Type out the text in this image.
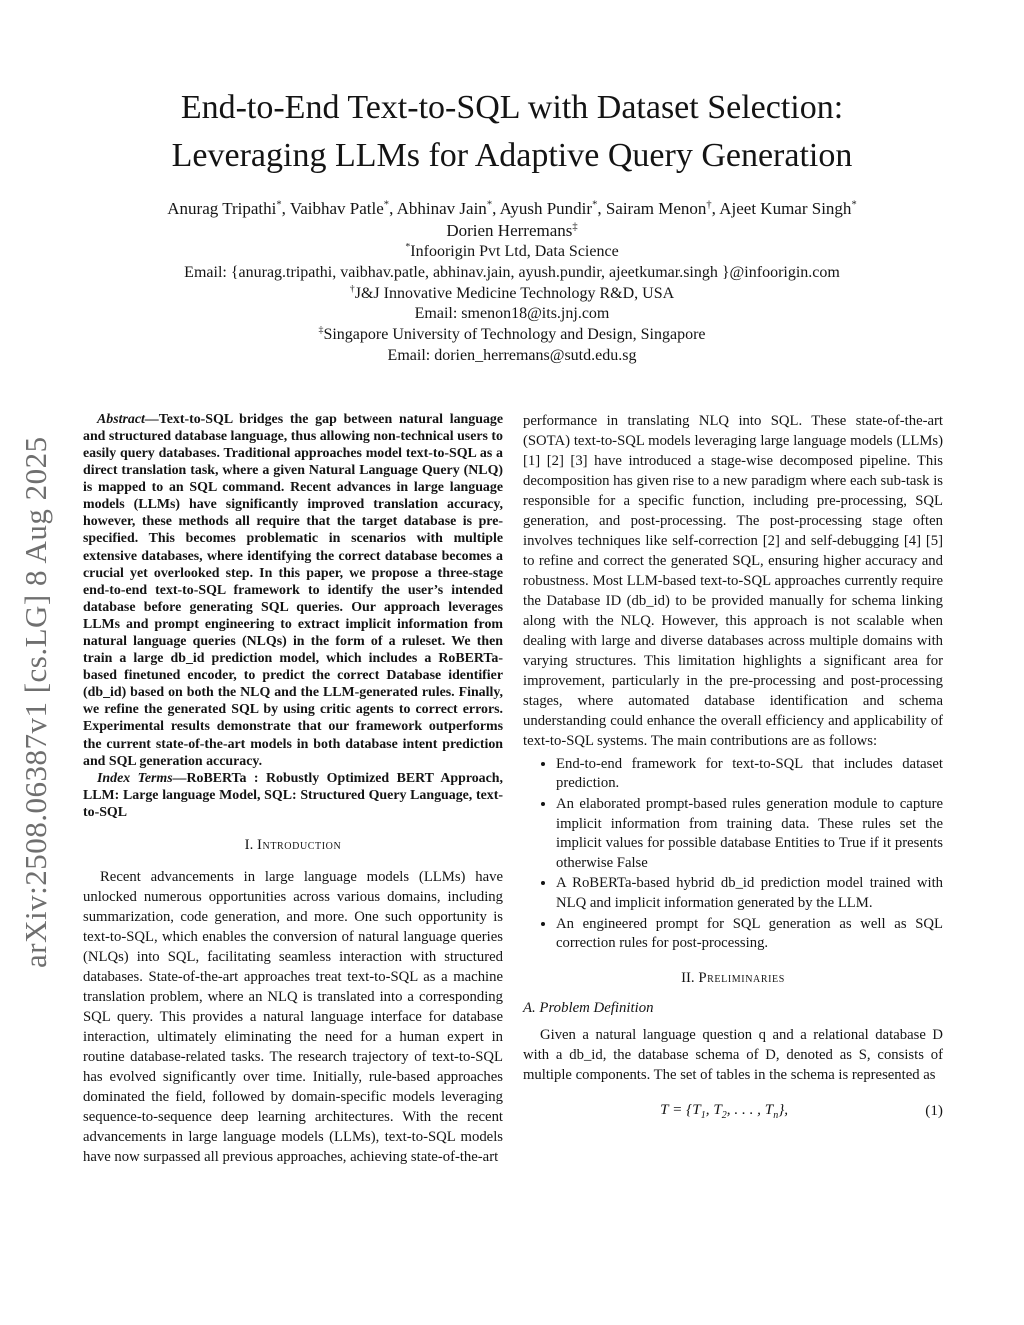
arXiv:2508.06387v1 [cs.LG] 8 Aug 2025
End-to-End Text-to-SQL with Dataset Selection:
Leveraging LLMs for Adaptive Query Generation
Anurag Tripathi*, Vaibhav Patle*, Abhinav Jain*, Ayush Pundir*, Sairam Menon†, Ajeet Kumar Singh*
Dorien Herremans‡
*Infoorigin Pvt Ltd, Data Science
Email: {anurag.tripathi, vaibhav.patle, abhinav.jain, ayush.pundir, ajeetkumar.singh }@infoorigin.com
†J&J Innovative Medicine Technology R&D, USA
Email: smenon18@its.jnj.com
‡Singapore University of Technology and Design, Singapore
Email: dorien_herremans@sutd.edu.sg

Abstract—Text-to-SQL bridges the gap between natural language and structured database language, thus allowing non-technical users to easily query databases. Traditional approaches model text-to-SQL as a direct translation task, where a given Natural Language Query (NLQ) is mapped to an SQL command. Recent advances in large language models (LLMs) have significantly improved translation accuracy, however, these methods all require that the target database is pre-specified. This becomes problematic in scenarios with multiple extensive databases, where identifying the correct database becomes a crucial yet overlooked step. In this paper, we propose a three-stage end-to-end text-to-SQL framework to identify the user’s intended database before generating SQL queries. Our approach leverages LLMs and prompt engineering to extract implicit information from natural language queries (NLQs) in the form of a ruleset. We then train a large db_id prediction model, which includes a RoBERTa-based finetuned encoder, to predict the correct Database identifier (db_id) based on both the NLQ and the LLM-generated rules. Finally, we refine the generated SQL by using critic agents to correct errors. Experimental results demonstrate that our framework outperforms the current state-of-the-art models in both database intent prediction and SQL generation accuracy.

Index Terms—RoBERTa : Robustly Optimized BERT Approach, LLM: Large language Model, SQL: Structured Query Language, text-to-SQL

I. Introduction

Recent advancements in large language models (LLMs) have unlocked numerous opportunities across various domains, including summarization, code generation, and more. One such opportunity is text-to-SQL, which enables the conversion of natural language queries (NLQs) into SQL, facilitating seamless interaction with structured databases. State-of-the-art approaches treat text-to-SQL as a machine translation problem, where an NLQ is translated into a corresponding SQL query. This provides a natural language interface for database interaction, ultimately eliminating the need for a human expert in routine database-related tasks. The research trajectory of text-to-SQL has evolved significantly over time. Initially, rule-based approaches dominated the field, followed by domain-specific models leveraging sequence-to-sequence deep learning architectures. With the recent advancements in large language models (LLMs), text-to-SQL models have now surpassed all previous approaches, achieving state-of-the-art

performance in translating NLQ into SQL. These state-of-the-art (SOTA) text-to-SQL models leveraging large language models (LLMs) [1] [2] [3] have introduced a stage-wise decomposed pipeline. This decomposition has given rise to a new paradigm where each sub-task is responsible for a specific function, including pre-processing, SQL generation, and post-processing. The post-processing stage often involves techniques like self-correction [2] and self-debugging [4] [5] to refine and correct the generated SQL, ensuring higher accuracy and robustness. Most LLM-based text-to-SQL approaches currently require the Database ID (db_id) to be provided manually for schema linking along with the NLQ. However, this approach is not scalable when dealing with large and diverse databases across multiple domains with varying structures. This limitation highlights a significant area for improvement, particularly in the pre-processing and post-processing stages, where automated database identification and schema understanding could enhance the overall efficiency and applicability of text-to-SQL systems. The main contributions are as follows:

• End-to-end framework for text-to-SQL that includes dataset prediction.
• An elaborated prompt-based rules generation module to capture implicit information from training data. These rules set the implicit values for possible database Entities to True if it presents otherwise False
• A RoBERTa-based hybrid db_id prediction model trained with NLQ and implicit information generated by the LLM.
• An engineered prompt for SQL generation as well as SQL correction rules for post-processing.
II. Preliminaries
A. Problem Definition

Given a natural language question q and a relational database D with a db_id, the database schema of D, denoted as S, consists of multiple components. The set of tables in the schema is represented as

$T = \{T_1$, $T_2$, . . . , $T_n$},	(1)
